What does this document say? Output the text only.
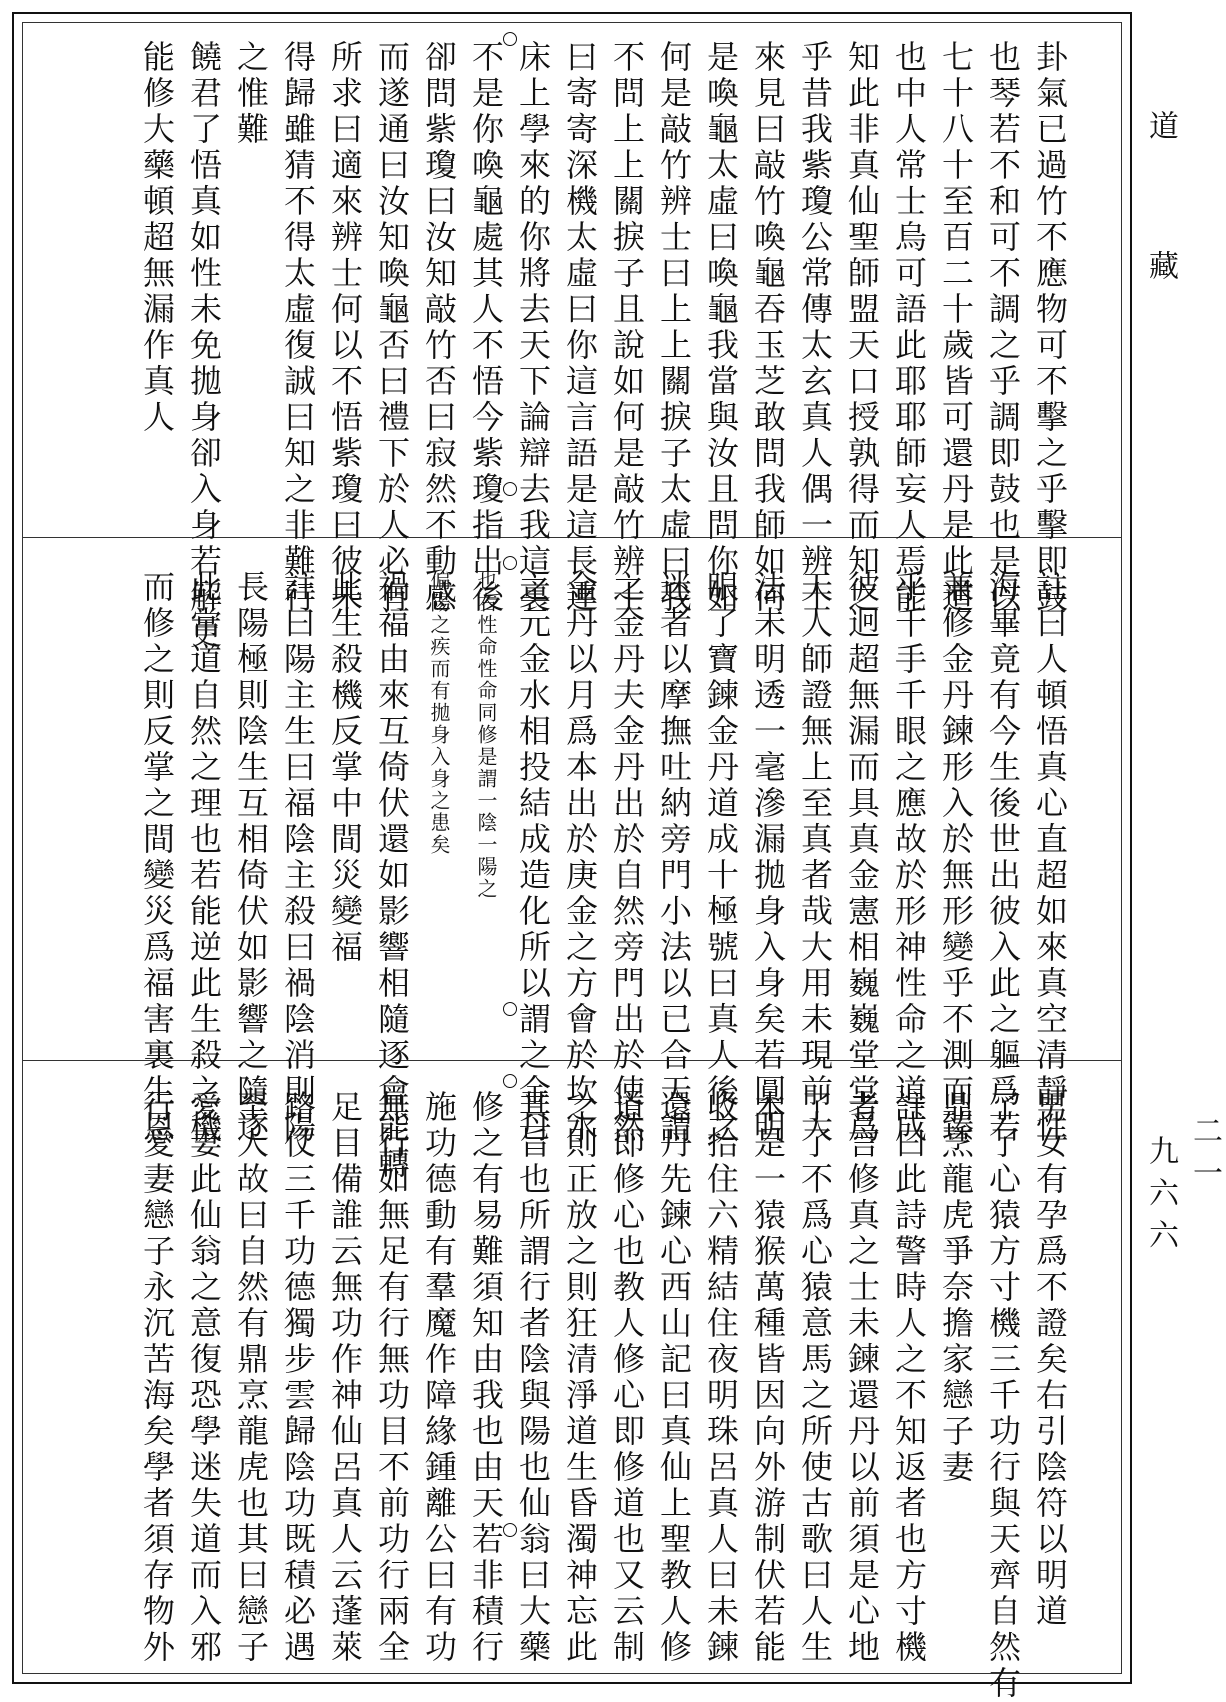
卦氣已過竹不應物可不擊之乎擊即鼓
也琴若不和可不調之乎調即鼓也是以
七十八十至百二十歲皆可還丹是此道
也中人常士烏可語此耶耶師妄人焉能
知此非真仙聖師盟天口授孰得而知之
乎昔我紫瓊公常傳太玄真人偶一辨士
來見曰敲竹喚龜吞玉芝敢問我師如何
是喚龜太虛曰喚龜我當與汝且問你如
何是敲竹辨士曰上上關捩子太虛曰我
不問上上關捩子且說如何是敲竹辨士
曰寄寄深機太虛曰你這言語是這長連
床上學來的你將去天下論辯去我這裏
不是你喚龜處其人不悟今紫瓊指出後
卻問紫瓊曰汝知敲竹否曰寂然不動感
而遂通曰汝知喚龜否曰禮下於人必有
所求曰適來辨士何以不悟紫瓊曰彼未
得歸雖猜不得太虛復誠曰知之非難行
之惟難
饒君了悟真如性未免拋身卻入身若解更
能修大藥頓超無漏作真人
註曰人頓悟真心直超如來真空清靜性
海畢竟有今生後世出彼入此之軀爲若
兼修金丹鍊形入於無形變乎不測而臻
乎千手千眼之應故於形神性命之道成
彼迥超無漏而具真金憲相巍巍堂堂爲
天人師證無上至真者哉大用未現前大
法未明透一毫滲漏拋身入身矣若圓明
眼了寶鍊金丹道成十極號曰真人後之
迷者以摩撫吐納旁門小法以已合天謂
之金丹夫金丹出於自然旁門出於使然
金丹以月爲本出於庚金之方會於坎水
之元金水相投結成造化所以謂之金丹
也右性命性命同修是謂一陰一陽之
偏陽之疾而有拋身入身之患矣
禍福由來互倚伏還如影響相隨逐會能轉
此生殺機反掌中間災變福
註曰陽主生曰福陰主殺曰禍陰消則陽
長陽極則陰生互相倚伏如影響之隨逐
此常道自然之理也若能逆此生殺之機
而修之則反掌之間變災爲福害裏生恩
男女有孕爲不證矣右引陰符以明道
了了心猿方寸機三千功行與天齊自然有
鼎烹龍虎爭奈擔家戀子妻
註曰此詩警時人之不知返者也方寸機
者言修真之士未鍊還丹以前須是心地
了了不爲心猿意馬之所使古歌曰人生
本是一猿猴萬種皆因向外游制伏若能
收拾住六精結住夜明珠呂真人曰未鍊
還丹先鍊心西山記曰真仙上聖教人修
道即修心也教人修心即修道也又云制
之則正放之則狂清淨道生昏濁神忘此
其旨也所謂行者陰與陽也仙翁曰大藥
修之有易難須知由我也由天若非積行
施功德動有羣魔作障緣鍾離公曰有功
無行如無足有行無功目不前功行兩全
足目備誰云無功作神仙呂真人云蓬萊
路仗三千功德獨步雲歸陰功既積必遇
至人故曰自然有鼎烹龍虎也其曰戀子
愛妻此仙翁之意復恐學迷失道而入邪
行愛妻戀子永沉苦海矣學者須存物外
道
藏
二一
九六六
